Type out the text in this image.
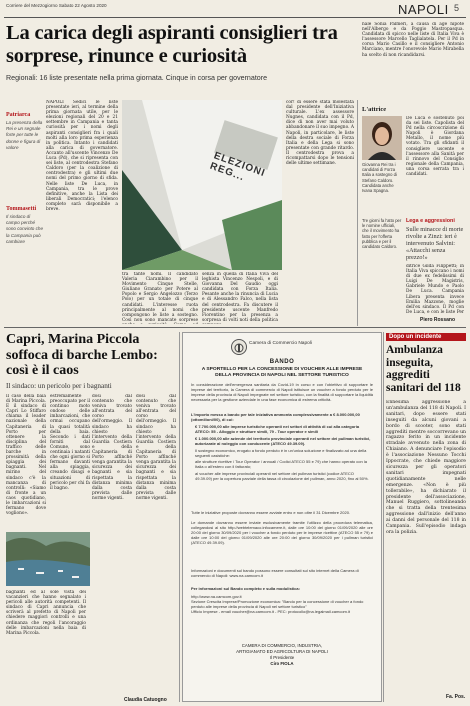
Corriere del Mezzogiorno Sabato 22 Agosto 2020	NAPOLI 5
La carica degli aspiranti consiglieri tra sorprese, rinunce e curiosità
Regionali: 16 liste presentate nella prima giornata. Cinque in corsa per governatore
Patriarca
La presenza della Rei e un segnale forte per tutte le donne e figura di valore
Tommasetti
Il sindaco di campo perché sono convinto che la Campania può cambiare
NAPOLI Sedici le liste presentate ieri, al termine della prima giornata utile, per le elezioni regionali del 20 e 21 settembre in Campania e tanta curiosità per i nomi degli aspiranti consiglieri fra i quali molti alla loro prima esperienza in politica. Intanto i candidati alla carica di governatore. Accanto all'uscente Vincenzo De Luca (Pd), che si ripresenta con sei liste, al centrodestra Stefano Caldoro (per la coalizione di centrodestra) e gli ultimi due nomi del primo giorno di sfida. Nelle liste De Luca, in Campania, tra le prove definitive, anche la Lista dei liberali Democratici; l'elenco completo sarà disponibile a breve.
ELEZIONI REG...
tra tante nomi. Il candidato Valeria Ciarambino per il Movimento Cinque Stelle, Giuliano Granato per Potere al Popolo e Sergio Angelozzo (Terzo Polo) per un totale di cinque candidati. L'interesse ruota principalmente al nomi che compongono le liste a sostegno. Così non sono mancate sorprese
senza in quella di Italia Viva del leghista Vincenzo Nespoli, e di Giovanna Del Gaudio oggi candidata con Forza Italia. Pesante anche la rinuncia di Lucia e di Alessandro Falco, nella lista del centrodestra. Fa discutere il presidente uscente Manfredo Fiorentino per la presenza a sorpresa di volti noti della politica
cor! di essere stata molestata dal presidente dell'Iniziativa culturale. L'ex assessore Nugnes, candidata con il Pd, dice di non aver mai voluto abbandonare il suo impegno. A Napoli, in particolare, le liste della destra sociale di Forza Italia e della Lega si sono presentate con grande ritardo. Il centrodestra prova a ricompattarsi dopo le tensioni delle ultime settimane.
nale Sonia Palmeri, a causa di age nipote nell'Albergo e da Poggio Mastropasqua. Candidata di spicco nelle liste di Italia Viva è l'assessore Marcello Taglialatela. Per il Pd in corsa Mario Casillo e il consigliere Antonio Marciano, mentre l'onorevole Mario Mirabella ha scelto di non ricandidarsi.
L'attrice
Giovanna Rei tra i candidati di Forza Italia a sostegno di Stefano Caldoro. Candidata anche Ivana Spagna.
Tre giorni fa l'atto per le nomine ufficiali, che il movimento ha fatto per l'offerta pubblica e per il candidato Caldoro.
De Luca è sostenuto poi da sei liste. Capolista del Pd nella circoscrizione di Napoli è Giordana Metallo, il nome più votato. Tra gli sfidanti il consigliere uscente e l'assessore alla Sanità per il rinnovo del Consiglio regionale della Campania, una corsa serrata tra i candidati.
Lega e aggressioni
Sulle minacce di morte rivolte a Zinzi: ieri è intervenuto Salvini: «Attacchi senza prezzo!»
ditrice Gilda Filippetti; in Italia Viva spiccano i nomi di due ex fedelissimi di Luigi De Magistris, Gabriele Mundo e Paolo De Luca. Campania Libera presenta invece Emilia Mazzone, moglie dell'ex sindaco. Il Pd con De Luca, e con le liste Per
Piero Rossano
Capri, Marina Piccola soffoca di barche Lembo: così è il caos
Il sindaco: un pericolo per i bagnanti
Il caso della baia di Marina Piccola. E il sindaco di Capri Lo Stiffaro chiama il leader nazionale della Capitaneria di Porto per ottenere la disciplina del traffico delle barche in prossimità della spiaggia dei bagnanti. Nel mirino del sindaco c'è la mancanza di controlli: «Siamo di fronte a un caos quotidiano, le imbarcazioni si fermano dove vogliono».
bagnanti ed al sole vista dei vacanzieri che hanno segnalato i pericoli alle autorità competenti. Il sindaco di Capri annuncia che scriverà al prefetto di Napoli per chiedere maggiori controlli e una ordinanza che regoli l'ancoraggio delle imbarcazioni nella baia di Marina Piccola.
estremamente preoccupato per il continuo moto ondoso delle imbarcazioni, che ormai occupano la quasi totalità della baia. Secondo i dati forniti dal Comune, sono centinaia i natanti che ogni giorno si fermano davanti alla spiaggia, creando disagi e situazioni di pericolo per chi fa il bagno.
dosi dal contenuto che veniva trovato all'entrata del corso dell'ormeggio. Il sindaco ha chiesto l'intervento della Guardia Costiera e della Capitaneria di Porto affinché venga garantita la sicurezza dei bagnanti e sia rispettata la distanza minima dalla costa prevista dalle norme vigenti.
dosi dal contenuto che veniva trovato all'entrata del corso dell'ormeggio. Il sindaco ha chiesto l'intervento della Guardia Costiera e della Capitaneria di Porto affinché venga garantita la sicurezza dei bagnanti e sia rispettata la distanza minima dalla costa prevista dalle norme vigenti.
Claudia Catuogno
Camera di Commercio Napoli
BANDO
A SPORTELLO PER LA CONCESSIONE DI VOUCHER ALLE IMPRESE DELLA PROVINCIA DI NAPOLI NEL SETTORE TURISTICO
In considerazione dell'emergenza sanitaria da Covid-19 in corso e con l'obiettivo di supportare le imprese del territorio, la Camera di commercio di Napoli istituisce un voucher a fondo perduto per le imprese della provincia di Napoli impegnate nel settore turistico, con la finalità di supportare la liquidità necessaria per la gestione aziendale in una fase economica di estrema criticità.
L'importo messo a bando per tale iniziativa ammonta complessivamente a € 8.000.000,00 (ottomilioni/00), di cui:
€ 7.700.000,00 alle imprese turistiche operanti nei settori di attività di cui alla categoria ATECO: 55 - Alloggio e strutture simili, 79 - Tour operator e simili
€ 1.000.000,00 alle aziende del territorio provinciale operanti nel settore dei pullman turistici, autorizzate al noleggio con conducente (ATECO 49.39.09).
Il sostegno economico, erogato a fondo perduto è in un'unica soluzione e finalizzato ad una della seguenti casistiche:
alle strutture ricettive / Tour Operator / annuali / Codici ATECO 55 e 79) che hanno operato con la Italia o all'estero con il fatturato;
al voucher alle imprese provinciali operanti nel settore dei pullman turistici (codice ATECO 49.39.09) per la copertura parziale della tassa di circolazione del pullman, anno 2020, fino al 50%.
Tutte le iniziative proposte dovranno essere avviate entro e non oltre il 31 Dicembre 2020.
Le domande dovranno essere inviate esclusivamente tramite l'utilizzo della procedura telematica, collegandosi al sito http://webtelemaco.infocamere.it, dalle ore 10:00 del giorno 01/09/2020 alle ore 20:00 del giorno 30/09/2020 per i voucher a fondo perduto per le imprese ricettive (ATECO 55 e 79) e dalle ore 10:00 del giorno 01/09/2020 alle ore 20:00 del giorno 30/09/2020 per i pullman turistici (ATECO 49.39.09).
Informazioni e documenti sul bando possono essere consultati sul sito internet della Camera di commercio di Napoli: www.na.camcom.it
Per informazioni sul Bando completo e sulla modulistica:
http://www.na.camcom.gov.it
Sezione Crescita Imprese/Promozione economica: "Bando per la concessione di voucher a fondo perduto alle imprese della provincia di Napoli nel settore turistico"
Ufficio Imprese - email voucher@na.camcom.it - PEC: protocollo@na.legalmail.camcom.it
CAMERA DI COMMERCIO, INDUSTRIA,
ARTIGIANATO ED AGRICOLTURA DI NAPOLI
Il Presidente
Ciro FIOLA
Dopo un incidente
Ambulanza inseguita, aggrediti sanitari del 118
Ennesima aggressione a un'ambulanza del 118 di Napoli. I sanitari, dopo essere stati inseguiti da alcuni giovani a bordo di scooter, sono stati aggrediti mentre soccorrevano un ragazzo ferito in un incidente stradale avvenuto nella zona di Chiaiano. A denunciare l'episodio è l'associazione Nessuno Tocchi Ippocrate, che chiede maggiore sicurezza per gli operatori sanitari impegnati quotidianamente nelle emergenze. «Non è più tollerabile», ha dichiarato il presidente dell'associazione, Manuel Ruggiero, sottolineando che si tratta della trentesima aggressione dall'inizio dell'anno ai danni del personale del 118 in Campania. Sull'episodio indaga ora la polizia.
Fa. Pos.
